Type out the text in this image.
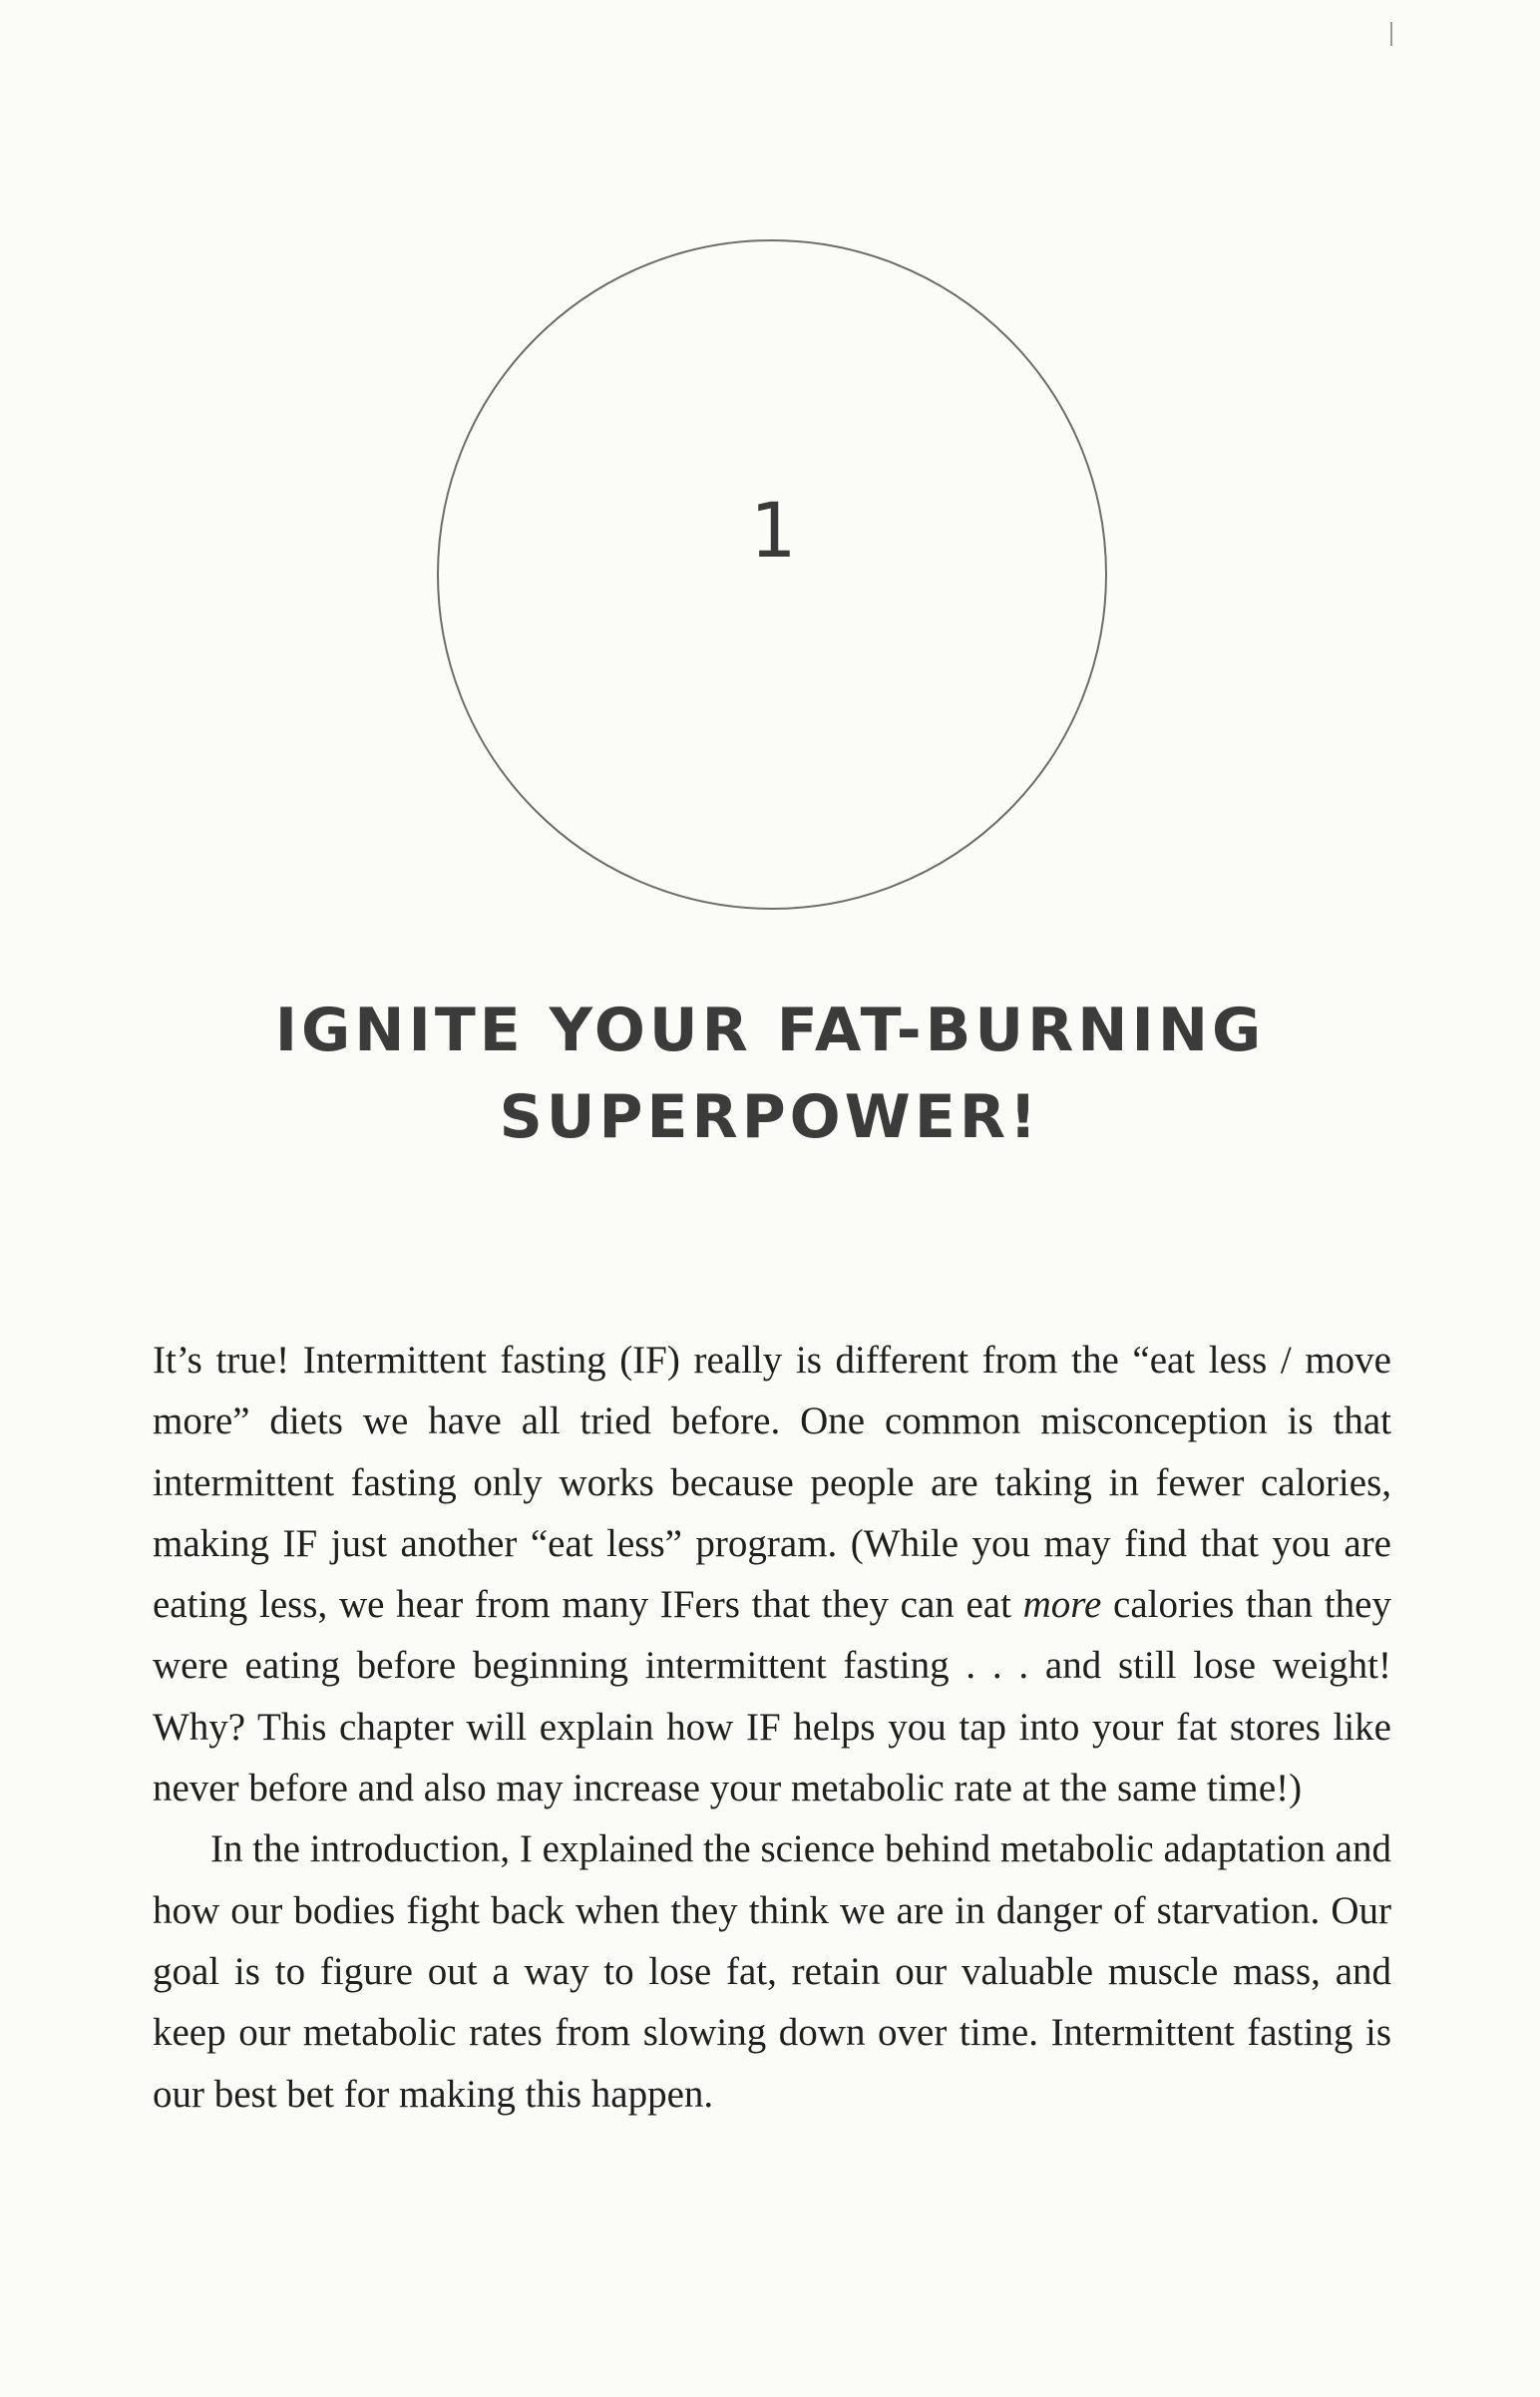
1
IGNITE YOUR FAT-BURNING
SUPERPOWER!

It’s true! Intermittent fasting (IF) really is different from the “eat less / move more” diets we have all tried before. One common misconception is that intermittent fasting only works because people are taking in fewer calories, making IF just another “eat less” program. (While you may find that you are eating less, we hear from many IFers that they can eat more calories than they were eating before beginning intermittent fasting . . . and still lose weight! Why? This chapter will explain how IF helps you tap into your fat stores like never before and also may increase your metabolic rate at the same time!)

In the introduction, I explained the science behind metabolic adaptation and how our bodies fight back when they think we are in danger of starvation. Our goal is to figure out a way to lose fat, retain our valuable muscle mass, and keep our metabolic rates from slowing down over time. Intermittent fasting is our best bet for making this happen.
